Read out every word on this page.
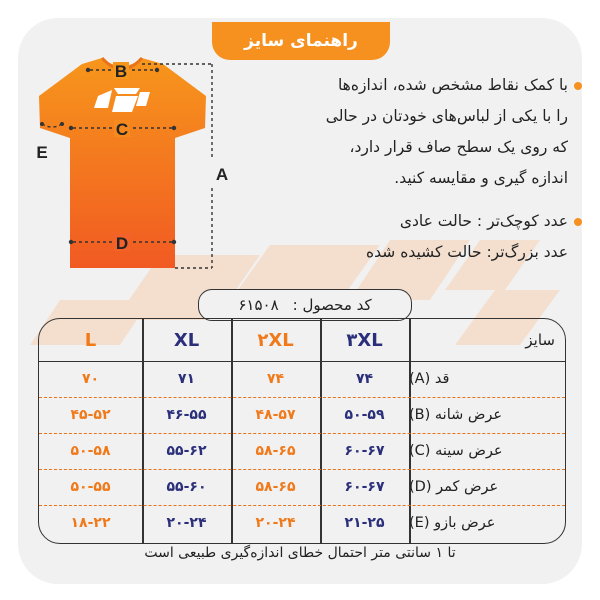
راهنمای سایز
B
C
D
A
E
با کمک نقاط مشخص شده، اندازه‌ها
را با یکی از لباس‌های خودتان در حالی
که روی یک سطح صاف قرار دارد،
اندازه گیری و مقایسه کنید.
عدد کوچک‌تر : حالت عادی
عدد بزرگ‌تر: حالت کشیده شده
کد محصول :
۶۱۵۰۸
L	XL	۲XL	۳XL	سایز
۷۰	۷۱	۷۴	۷۴	قد (A)
۴۵-۵۲	۴۶-۵۵	۴۸-۵۷	۵۰-۵۹	عرض شانه (B)
۵۰-۵۸	۵۵-۶۲	۵۸-۶۵	۶۰-۶۷	عرض سینه (C)
۵۰-۵۵	۵۵-۶۰	۵۸-۶۵	۶۰-۶۷	عرض کمر (D)
۱۸-۲۲	۲۰-۲۴	۲۰-۲۴	۲۱-۲۵	عرض بازو (E)
تا ۱ سانتی متر احتمال خطای اندازه‌گیری طبیعی است
